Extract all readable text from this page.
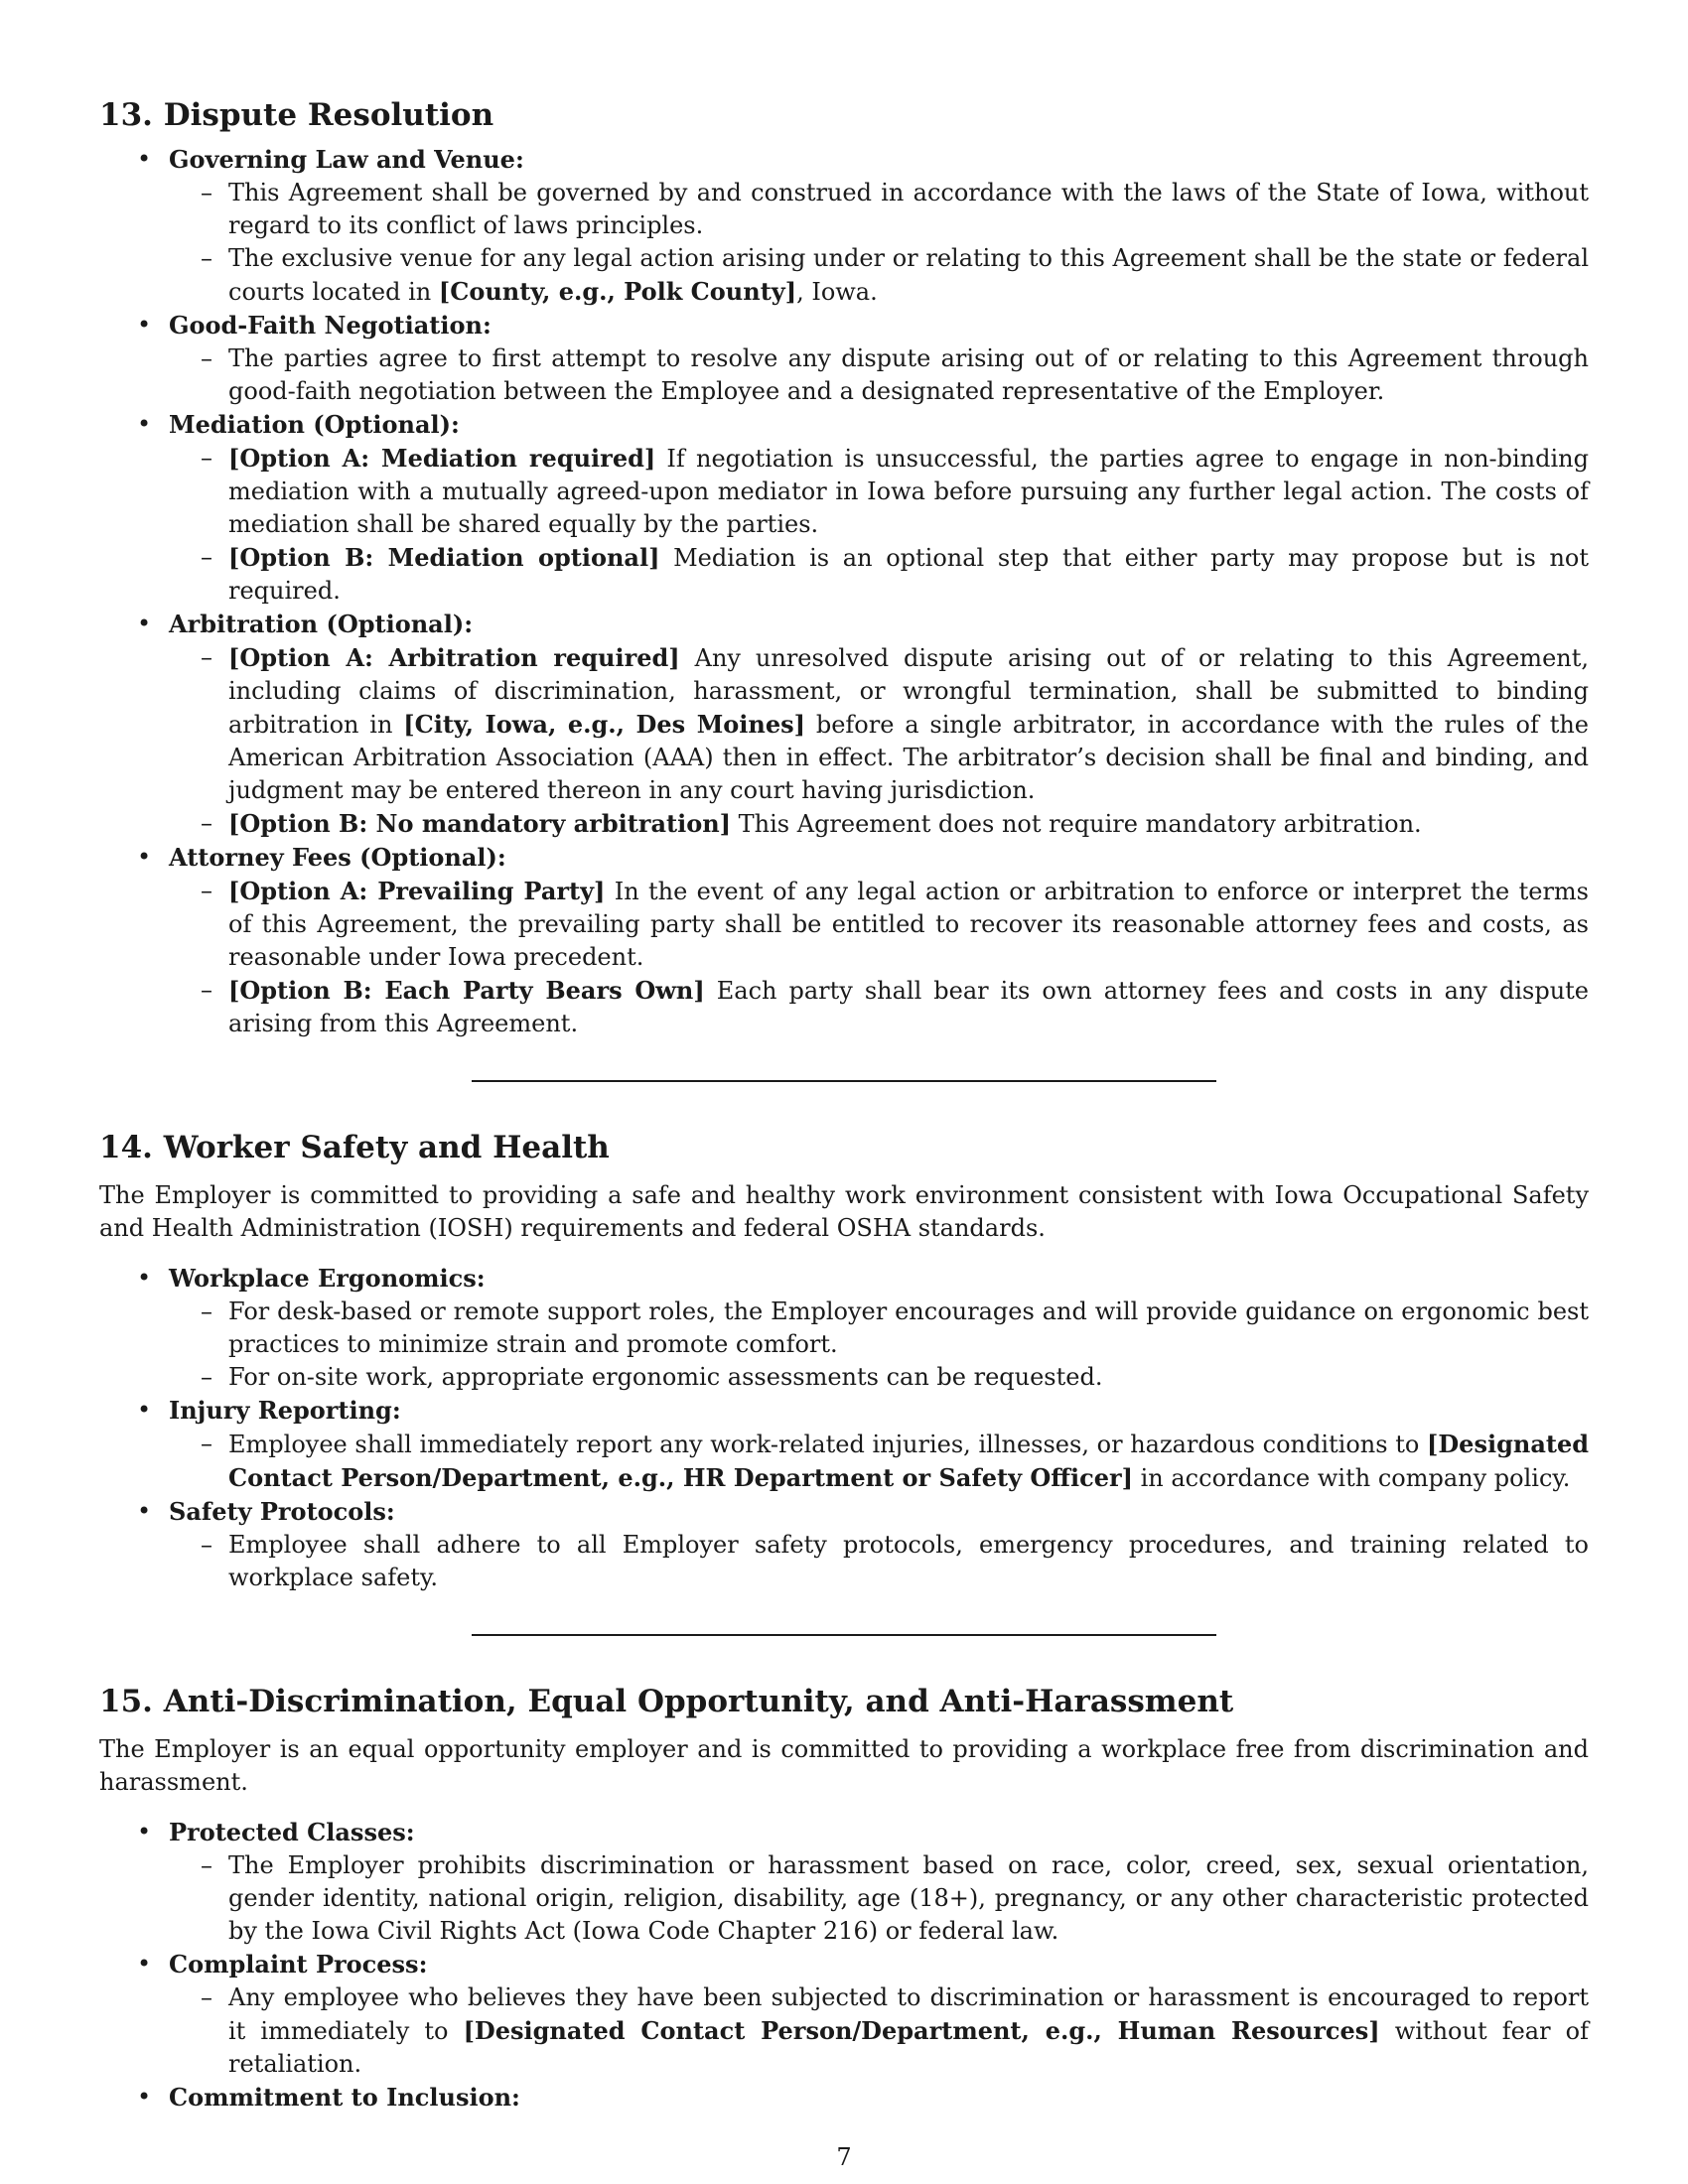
13. Dispute Resolution
• Governing Law and Venue:
– This Agreement shall be governed by and construed in accordance with the laws of the State of Iowa, without regard to its conflict of laws principles.
– The exclusive venue for any legal action arising under or relating to this Agreement shall be the state or federal courts located in [County, e.g., Polk County], Iowa.
• Good-Faith Negotiation:
– The parties agree to first attempt to resolve any dispute arising out of or relating to this Agreement through good-faith negotiation between the Employee and a designated representative of the Employer.
• Mediation (Optional):
– [Option A: Mediation required] If negotiation is unsuccessful, the parties agree to engage in non-binding mediation with a mutually agreed-upon mediator in Iowa before pursuing any further legal action. The costs of mediation shall be shared equally by the parties.
– [Option B: Mediation optional] Mediation is an optional step that either party may propose but is not required.
• Arbitration (Optional):
– [Option A: Arbitration required] Any unresolved dispute arising out of or relating to this Agreement, including claims of discrimination, harassment, or wrongful termination, shall be submitted to binding arbitration in [City, Iowa, e.g., Des Moines] before a single arbitrator, in accordance with the rules of the American Arbitration Association (AAA) then in effect. The arbitrator’s decision shall be final and binding, and judgment may be entered thereon in any court having jurisdiction.
– [Option B: No mandatory arbitration] This Agreement does not require mandatory arbitration.
• Attorney Fees (Optional):
– [Option A: Prevailing Party] In the event of any legal action or arbitration to enforce or interpret the terms of this Agreement, the prevailing party shall be entitled to recover its reasonable attorney fees and costs, as reasonable under Iowa precedent.
– [Option B: Each Party Bears Own] Each party shall bear its own attorney fees and costs in any dispute arising from this Agreement.
14. Worker Safety and Health

The Employer is committed to providing a safe and healthy work environment consistent with Iowa Occupational Safety and Health Administration (IOSH) requirements and federal OSHA standards.

• Workplace Ergonomics:
– For desk-based or remote support roles, the Employer encourages and will provide guidance on ergonomic best practices to minimize strain and promote comfort.
– For on-site work, appropriate ergonomic assessments can be requested.
• Injury Reporting:
– Employee shall immediately report any work-related injuries, illnesses, or hazardous conditions to [Designated Contact Person/Department, e.g., HR Department or Safety Officer] in accordance with company policy.
• Safety Protocols:
– Employee shall adhere to all Employer safety protocols, emergency procedures, and training related to workplace safety.
15. Anti-Discrimination, Equal Opportunity, and Anti-Harassment

The Employer is an equal opportunity employer and is committed to providing a workplace free from discrimination and harassment.

• Protected Classes:
– The Employer prohibits discrimination or harassment based on race, color, creed, sex, sexual orientation, gender identity, national origin, religion, disability, age (18+), pregnancy, or any other characteristic protected by the Iowa Civil Rights Act (Iowa Code Chapter 216) or federal law.
• Complaint Process:
– Any employee who believes they have been subjected to discrimination or harassment is encouraged to report it immediately to [Designated Contact Person/Department, e.g., Human Resources] without fear of retaliation.
• Commitment to Inclusion:
7
